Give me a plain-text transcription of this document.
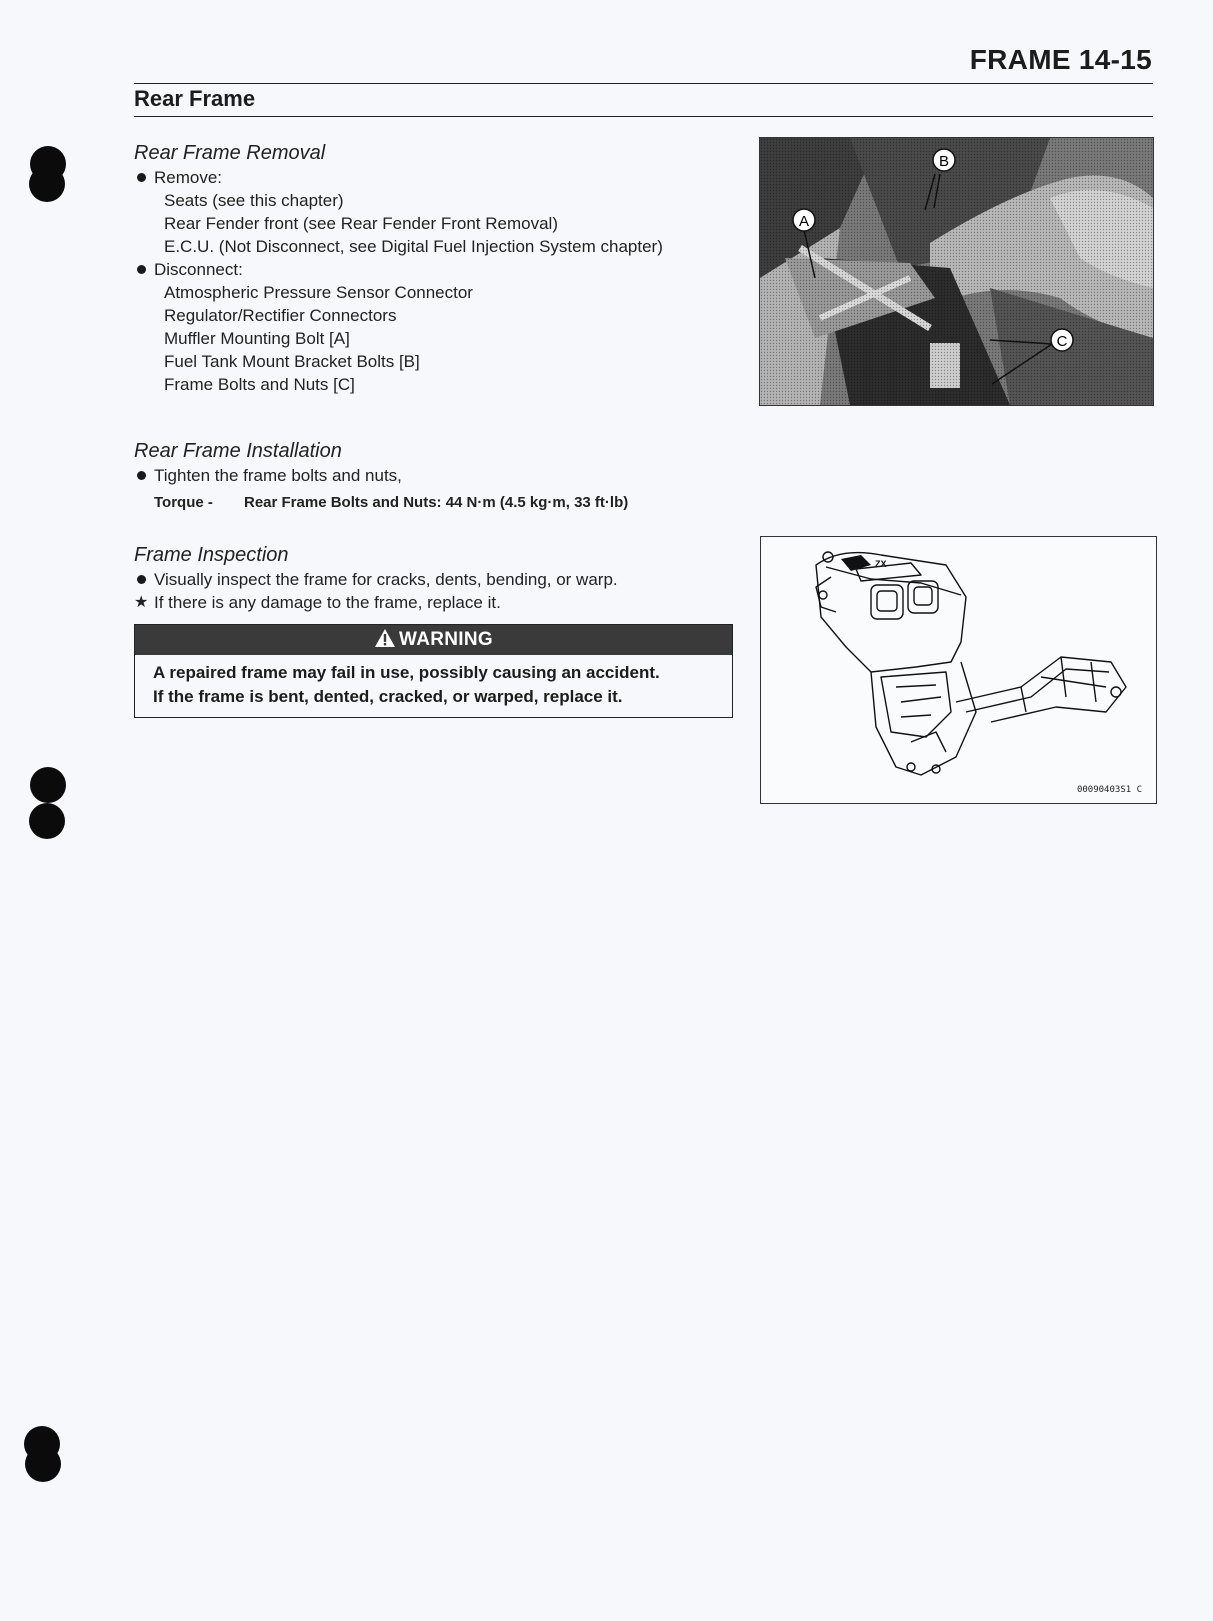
FRAME 14-15
Rear Frame
Rear Frame Removal
Remove:
Seats (see this chapter)
Rear Fender front (see Rear Fender Front Removal)
E.C.U. (Not Disconnect, see Digital Fuel Injection System chapter)
Disconnect:
Atmospheric Pressure Sensor Connector
Regulator/Rectifier Connectors
Muffler Mounting Bolt [A]
Fuel Tank Mount Bracket Bolts [B]
Frame Bolts and Nuts [C]
Rear Frame Installation
Tighten the frame bolts and nuts,
Torque - Rear Frame Bolts and Nuts: 44 N·m (4.5 kg·m, 33 ft·lb)
Frame Inspection
Visually inspect the frame for cracks, dents, bending, or warp.
★ If there is any damage to the frame, replace it.
WARNING
A repaired frame may fail in use, possibly causing an accident.
If the frame is bent, dented, cracked, or warped, replace it.
A
B
C
ZX
00090403S1 C
